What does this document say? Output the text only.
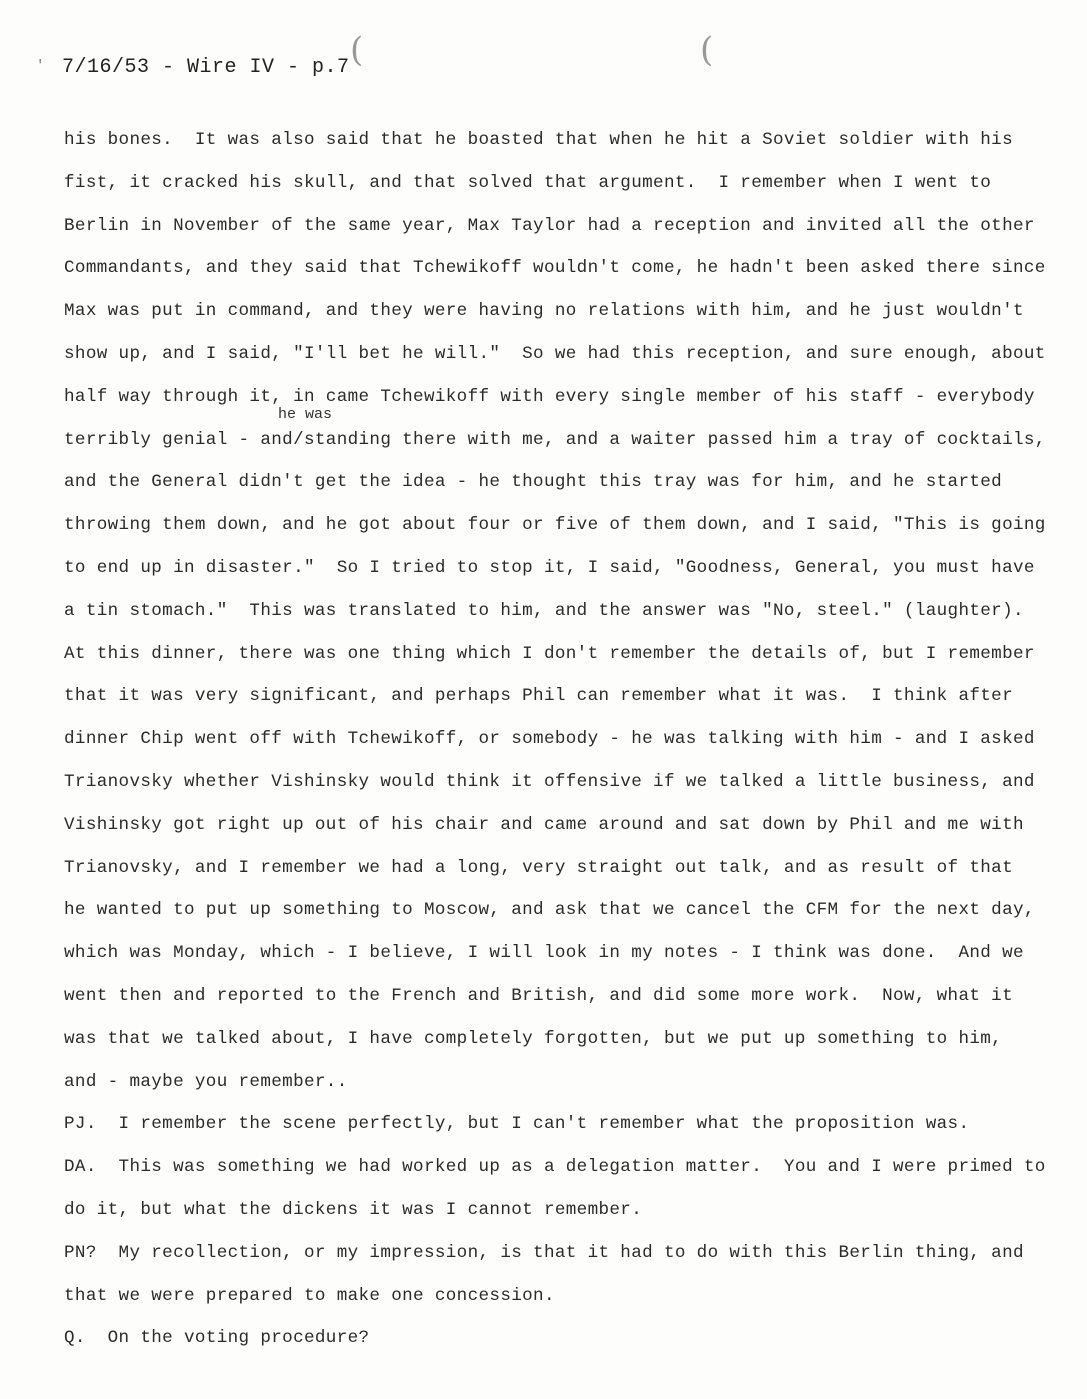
'	(	(
7/16/53 - Wire IV - p.7
he was
his bones.  It was also said that he boasted that when he hit a Soviet soldier with his
fist, it cracked his skull, and that solved that argument.  I remember when I went to
Berlin in November of the same year, Max Taylor had a reception and invited all the other
Commandants, and they said that Tchewikoff wouldn't come, he hadn't been asked there since
Max was put in command, and they were having no relations with him, and he just wouldn't
show up, and I said, "I'll bet he will."  So we had this reception, and sure enough, about
half way through it, in came Tchewikoff with every single member of his staff - everybody
terribly genial - and/standing there with me, and a waiter passed him a tray of cocktails,
and the General didn't get the idea - he thought this tray was for him, and he started
throwing them down, and he got about four or five of them down, and I said, "This is going
to end up in disaster."  So I tried to stop it, I said, "Goodness, General, you must have
a tin stomach."  This was translated to him, and the answer was "No, steel." (laughter).
At this dinner, there was one thing which I don't remember the details of, but I remember
that it was very significant, and perhaps Phil can remember what it was.  I think after
dinner Chip went off with Tchewikoff, or somebody - he was talking with him - and I asked
Trianovsky whether Vishinsky would think it offensive if we talked a little business, and
Vishinsky got right up out of his chair and came around and sat down by Phil and me with
Trianovsky, and I remember we had a long, very straight out talk, and as result of that
he wanted to put up something to Moscow, and ask that we cancel the CFM for the next day,
which was Monday, which - I believe, I will look in my notes - I think was done.  And we
went then and reported to the French and British, and did some more work.  Now, what it
was that we talked about, I have completely forgotten, but we put up something to him,
and - maybe you remember..
PJ.  I remember the scene perfectly, but I can't remember what the proposition was.
DA.  This was something we had worked up as a delegation matter.  You and I were primed to
do it, but what the dickens it was I cannot remember.
PN?  My recollection, or my impression, is that it had to do with this Berlin thing, and
that we were prepared to make one concession.
Q.  On the voting procedure?
